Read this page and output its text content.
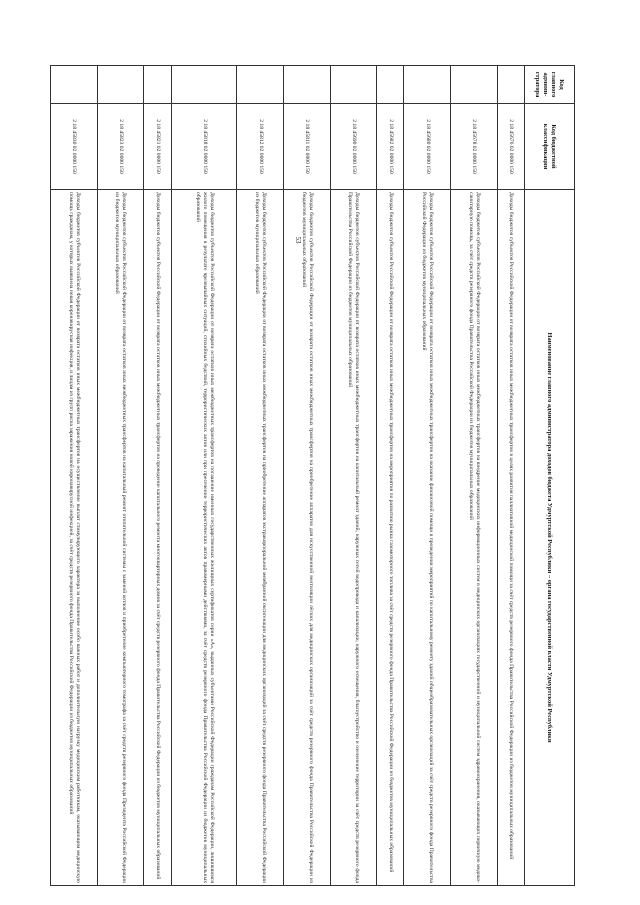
53
Код главного админи-стратора	Код бюджетной классификации	Наименование главного администратора доходов бюджета Удмуртской Республики – органа государственной власти Удмуртской Республики
	2 18 45676 02 0000 150	Доходы бюджетов субъектов Российской Федерации от возврата остатков иных межбюджетных трансфертов в целях развития паллиативной медицинской помощи за счёт средств резервного фонда Правительства Российской Федерации из бюджетов муниципальных образований
	2 18 45678 02 0000 150	Доходы бюджетов субъектов Российской Федерации от возврата остатков иных межбюджетных трансфертов на внедрение медицинских информационных систем в медицинских организациях государственной и муниципальной систем здравоохранения, оказывающих первичную медико-санитарную помощь, за счёт средств резервного фонда Правительства Российской Федерации из бюджетов муниципальных образований
	2 18 45680 02 0000 150	Доходы бюджетов субъектов Российской Федерации от возврата остатков иных межбюджетных трансфертов на оказание финансовой помощи в проведении мероприятий по капитальному ремонту зданий общеобразовательных организаций за счёт средств резервного фонда Правительства Российской Федерации из бюджетов муниципальных образований
	2 18 45682 02 0000 150	Доходы бюджетов субъектов Российской Федерации от возврата остатков иных межбюджетных трансфертов на мероприятия по развитию рынка газомоторного топлива за счёт средств резервного фонда Правительства Российской Федерации из бюджетов муниципальных образований
	2 18 45690 02 0000 150	Доходы бюджетов субъектов Российской Федерации от возврата остатков иных межбюджетных трансфертов на капитальный ремонт зданий, наружных сетей водопровода и канализации, наружного освещения, благоустройство и озеленение территории за счёт средств резервного фонда Правительства Российской Федерации из бюджетов муниципальных образований
	2 18 45811 02 0000 150	Доходы бюджетов субъектов Российской Федерации от возврата остатков иных межбюджетных трансфертов на приобретение аппаратов для искусственной вентиляции лёгких для медицинских организаций за счёт средств резервного фонда Правительства Российской Федерации из бюджетов муниципальных образований
	2 18 45812 02 0000 150	Доходы бюджетов субъектов Российской Федерации от возврата остатков иных межбюджетных трансфертов на приобретение аппаратов экстракорпоральной мембранной оксигенации для медицинских организаций за счёт средств резервного фонда Правительства Российской Федерации из бюджетов муниципальных образований
	2 18 45818 02 0000 150	Доходы бюджетов субъектов Российской Федерации от возврата остатков иных межбюджетных трансфертов на погашение именных государственных жилищных сертификатов серии «А», выданных субъектами Российской Федерации гражданам Российской Федерации, лишившимся жилого помещения в результате чрезвычайных ситуаций, стихийных бедствий, террористических актов или при пресечении террористических актов правомерными действиями, за счёт средств резервного фонда Правительства Российской Федерации из бюджетов муниципальных образований
	2 18 45821 02 0000 150	Доходы бюджетов субъектов Российской Федерации от возврата остатков иных межбюджетных трансфертов на проведение капитального ремонта многоквартирных домов за счёт средств резервного фонда Правительства Российской Федерации из бюджетов муниципальных образований
	2 18 45823 02 0000 150	Доходы бюджетов субъектов Российской Федерации от возврата остатков иных межбюджетных трансфертов на капитальный ремонт отопительной системы с заменой котлов и приобретение компьютерного томографа за счёт средств резервного фонда Президента Российской Федерации из бюджетов муниципальных образований
	2 18 45830 02 0000 150	Доходы бюджетов субъектов Российской Федерации от возврата остатков иных межбюджетных трансфертов на осуществление выплат стимулирующего характера за выполнение особо важных работ и дополнительную нагрузку медицинским работникам, оказывающим медицинскую помощь гражданам, у которых выявлена новая коронавирусная инфекция, и лицам из групп риска заражения новой коронавирусной инфекцией, за счёт средств резервного фонда Правительства Российской Федерации из бюджетов муниципальных образований
